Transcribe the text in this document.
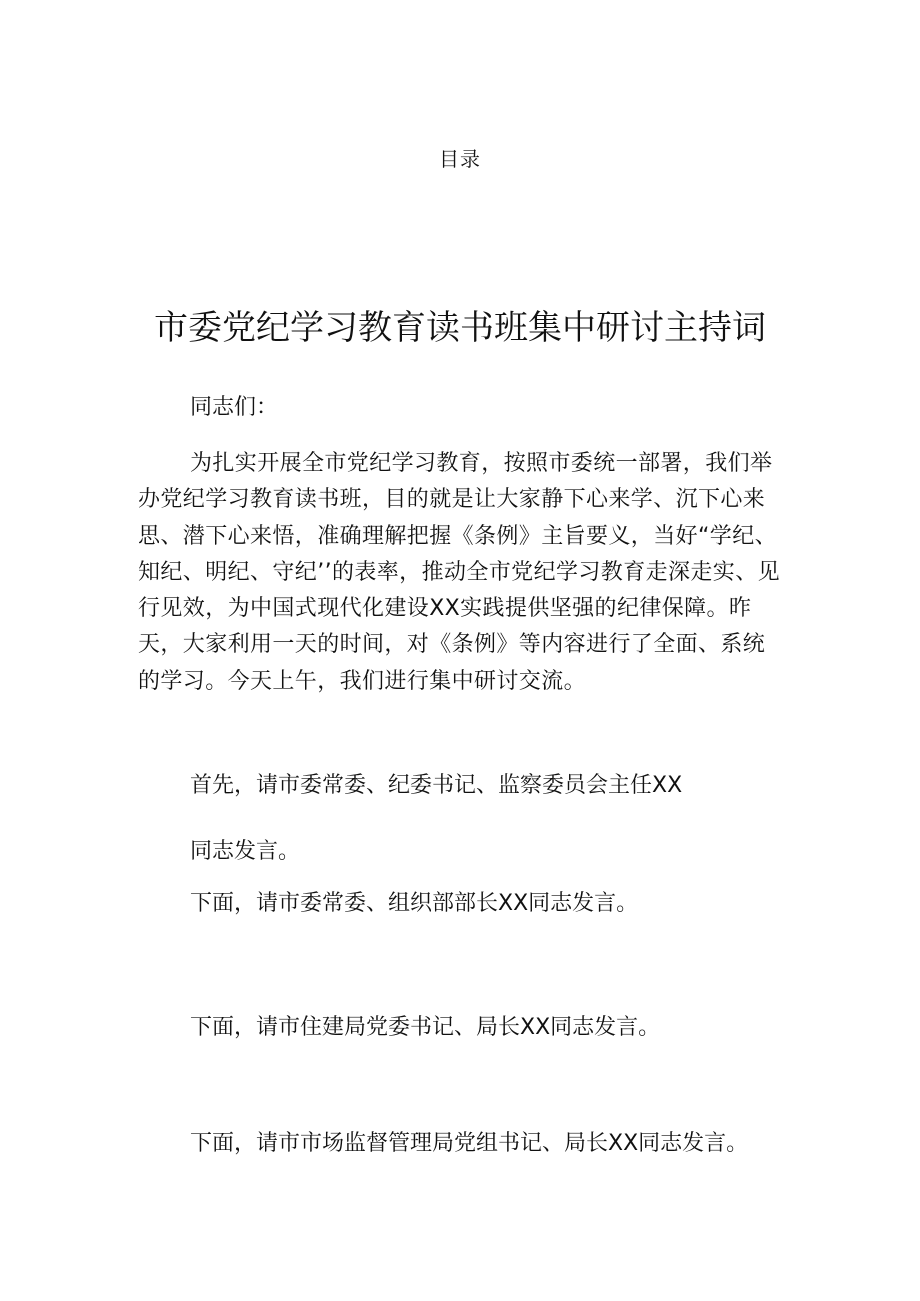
目录
市委党纪学习教育读书班集中研讨主持词

同志们：

为扎实开展全市党纪学习教育，按照市委统一部署，我们举办党纪学习教育读书班，目的就是让大家静下心来学、沉下心来思、潜下心来悟，准确理解把握《条例》主旨要义，当好“学纪、知纪、明纪、守纪’’的表率，推动全市党纪学习教育走深走实、见行见效，为中国式现代化建设XX实践提供坚强的纪律保障。昨天，大家利用一天的时间，对《条例》等内容进行了全面、系统的学习。今天上午，我们进行集中研讨交流。

首先，请市委常委、纪委书记、监察委员会主任XX

同志发言。

下面，请市委常委、组织部部长XX同志发言。

下面，请市住建局党委书记、局长XX同志发言。

下面，请市市场监督管理局党组书记、局长XX同志发言。
